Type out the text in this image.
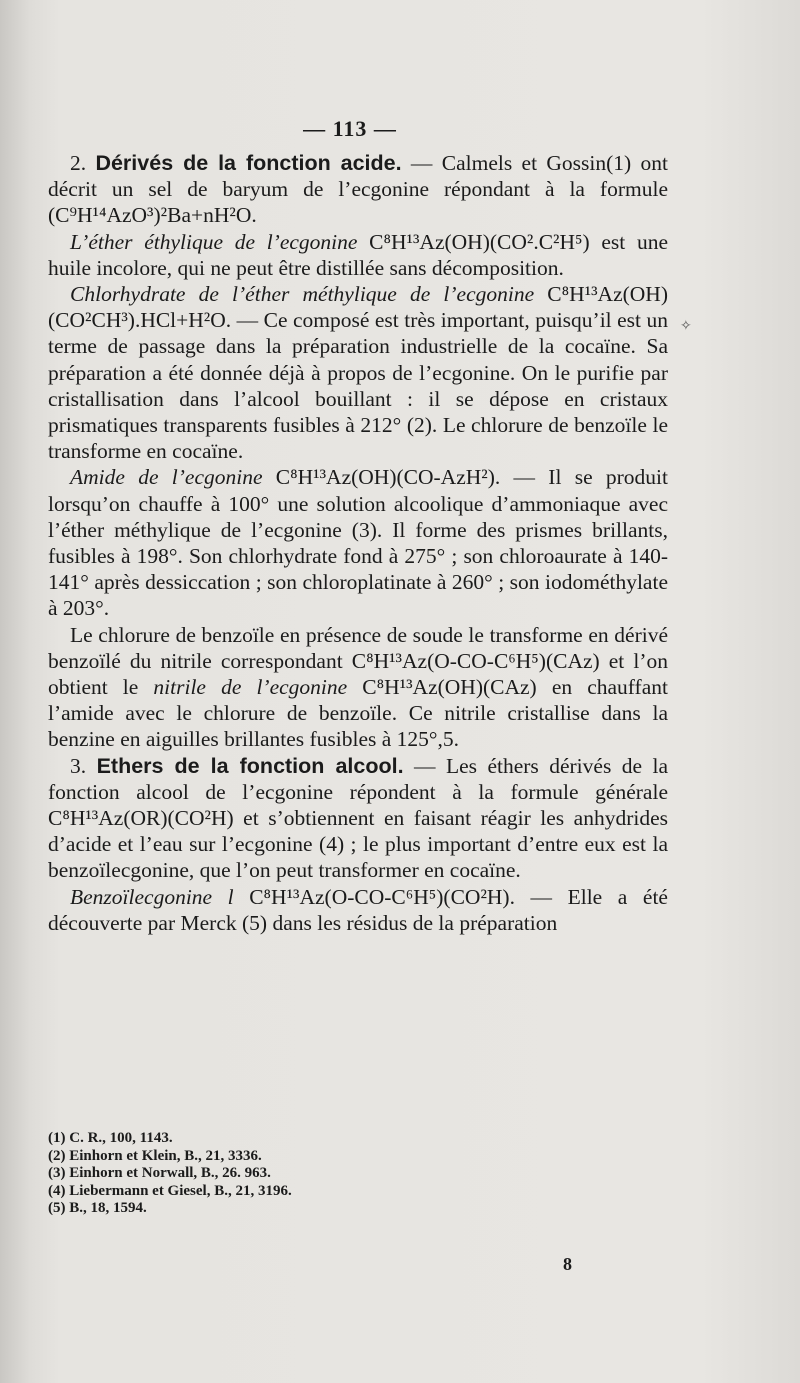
— 113 —

2. Dérivés de la fonction acide. — Calmels et Gossin(1) ont décrit un sel de baryum de l’ecgonine répondant à la formule (C⁹H¹⁴AzO³)²Ba+nH²O.

L’éther éthylique de l’ecgonine C⁸H¹³Az(OH)(CO².C²H⁵) est une huile incolore, qui ne peut être distillée sans décomposition.

Chlorhydrate de l’éther méthylique de l’ecgonine C⁸H¹³Az(OH)(CO²CH³).HCl+H²O. — Ce composé est très important, puisqu’il est un terme de passage dans la préparation industrielle de la cocaïne. Sa préparation a été donnée déjà à propos de l’ecgonine. On le purifie par cristallisation dans l’alcool bouillant : il se dépose en cristaux prismatiques transparents fusibles à 212° (2). Le chlorure de benzoïle le transforme en cocaïne.

Amide de l’ecgonine C⁸H¹³Az(OH)(CO-AzH²). — Il se produit lorsqu’on chauffe à 100° une solution alcoolique d’ammoniaque avec l’éther méthylique de l’ecgonine (3). Il forme des prismes brillants, fusibles à 198°. Son chlorhydrate fond à 275° ; son chloroaurate à 140-141° après dessiccation ; son chloroplatinate à 260° ; son iodométhylate à 203°.

Le chlorure de benzoïle en présence de soude le transforme en dérivé benzoïlé du nitrile correspondant C⁸H¹³Az(O-CO-C⁶H⁵)(CAz) et l’on obtient le nitrile de l’ecgonine C⁸H¹³Az(OH)(CAz) en chauffant l’amide avec le chlorure de benzoïle. Ce nitrile cristallise dans la benzine en aiguilles brillantes fusibles à 125°,5.

3. Ethers de la fonction alcool. — Les éthers dérivés de la fonction alcool de l’ecgonine répondent à la formule générale C⁸H¹³Az(OR)(CO²H) et s’obtiennent en faisant réagir les anhydrides d’acide et l’eau sur l’ecgonine (4) ; le plus important d’entre eux est la benzoïlecgonine, que l’on peut transformer en cocaïne.

Benzoïlecgonine l C⁸H¹³Az(O-CO-C⁶H⁵)(CO²H). — Elle a été découverte par Merck (5) dans les résidus de la préparation

(1) C. R., 100, 1143.
(2) Einhorn et Klein, B., 21, 3336.
(3) Einhorn et Norwall, B., 26. 963.
(4) Liebermann et Giesel, B., 21, 3196.
(5) B., 18, 1594.
8
✧
